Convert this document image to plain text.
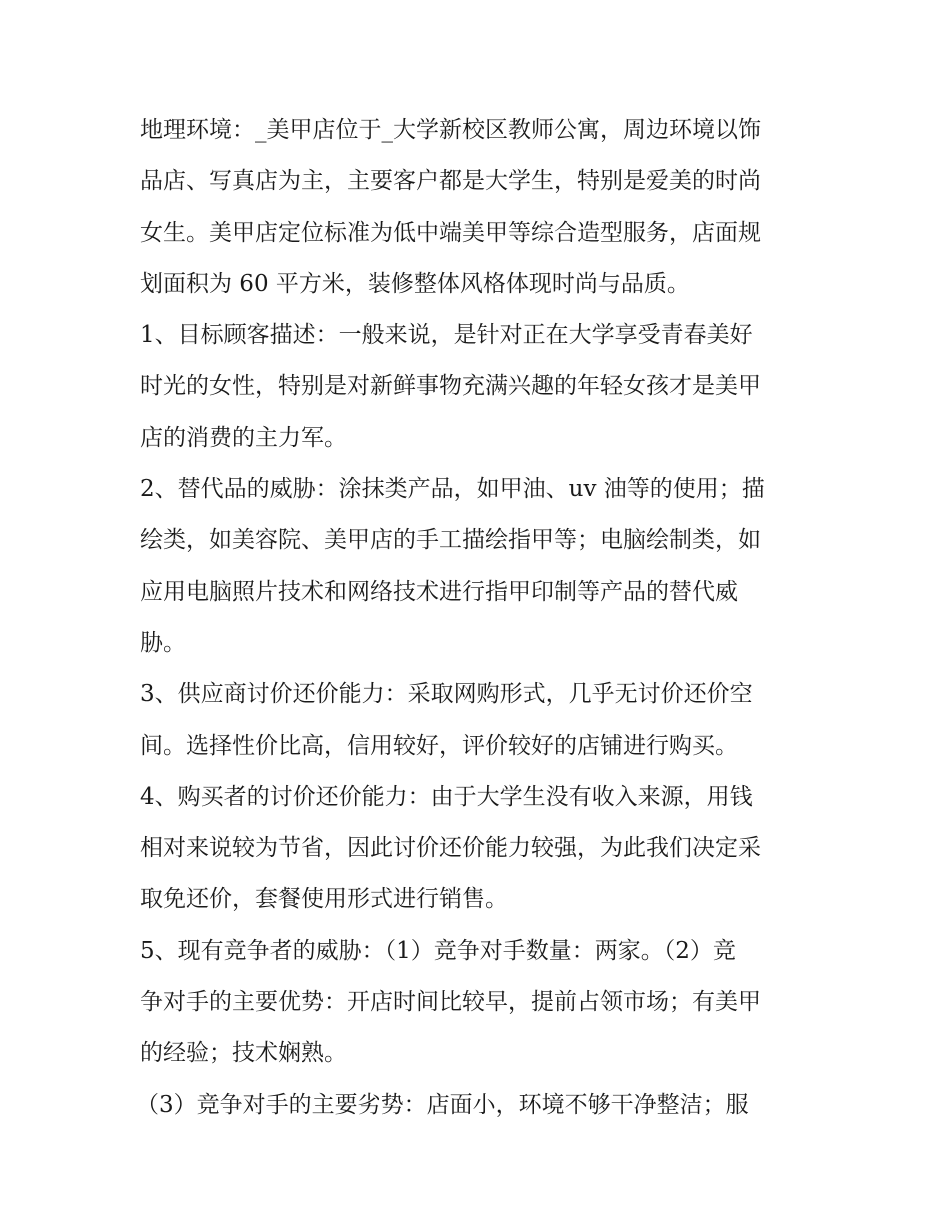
地理环境：_美甲店位于_大学新校区教师公寓，周边环境以饰
品店、写真店为主，主要客户都是大学生，特别是爱美的时尚
女生。美甲店定位标准为低中端美甲等综合造型服务，店面规
划面积为 60 平方米，装修整体风格体现时尚与品质。
1、目标顾客描述：一般来说，是针对正在大学享受青春美好
时光的女性，特别是对新鲜事物充满兴趣的年轻女孩才是美甲
店的消费的主力军。
2、替代品的威胁：涂抹类产品，如甲油、uv 油等的使用；描
绘类，如美容院、美甲店的手工描绘指甲等；电脑绘制类，如
应用电脑照片技术和网络技术进行指甲印制等产品的替代威
胁。
3、供应商讨价还价能力：采取网购形式，几乎无讨价还价空
间。选择性价比高，信用较好，评价较好的店铺进行购买。
4、购买者的讨价还价能力：由于大学生没有收入来源，用钱
相对来说较为节省，因此讨价还价能力较强，为此我们决定采
取免还价，套餐使用形式进行销售。
5、现有竞争者的威胁：（1）竞争对手数量：两家。（2）竞
争对手的主要优势：开店时间比较早，提前占领市场；有美甲
的经验；技术娴熟。
（3）竞争对手的主要劣势：店面小，环境不够干净整洁；服
